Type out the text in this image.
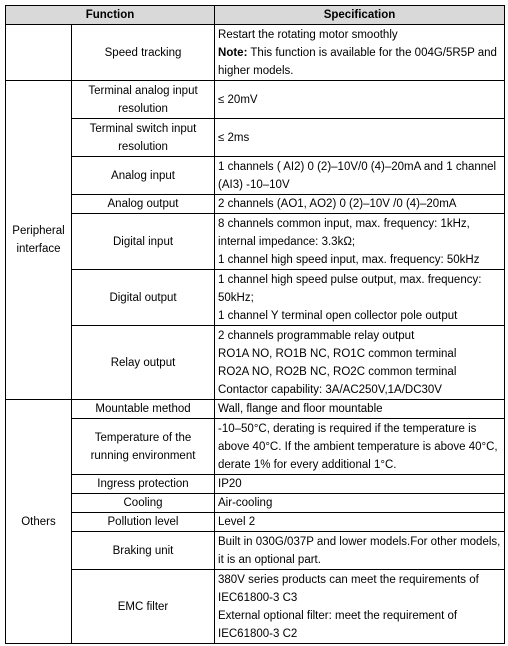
Function		Specification
	Speed tracking	Restart the rotating motor smoothly
Note: This function is available for the 004G/5R5P and higher models.
Peripheral interface	Terminal analog input resolution	≤ 20mV

	Terminal switch input resolution	≤ 2ms

	Analog input	1 channels ( AI2) 0 (2)–10V/0 (4)–20mA and 1 channel (AI3) -10–10V

	Analog output	2 channels (AO1, AO2) 0 (2)–10V /0 (4)–20mA

	Digital input	8 channels common input, max. frequency: 1kHz, internal impedance: 3.3kΩ;
1 channel high speed input, max. frequency: 50kHz

	Digital output	1 channel high speed pulse output, max. frequency: 50kHz;
1 channel Y terminal open collector pole output

	Relay output	2 channels programmable relay output
RO1A NO, RO1B NC, RO1C common terminal
RO2A NO, RO2B NC, RO2C common terminal
Contactor capability: 3A/AC250V,1A/DC30V

Others	Mountable method	Wall, flange and floor mountable

	Temperature of the running environment	-10–50°C, derating is required if the temperature is above 40°C. If the ambient temperature is above 40°C, derate 1% for every additional 1°C.

	Ingress protection	IP20

	Cooling	Air-cooling

	Pollution level	Level 2

	Braking unit	Built in 030G/037P and lower models.For other models, it is an optional part.

	EMC filter	380V series products can meet the requirements of IEC61800-3 C3
External optional filter: meet the requirement of IEC61800-3 C2
